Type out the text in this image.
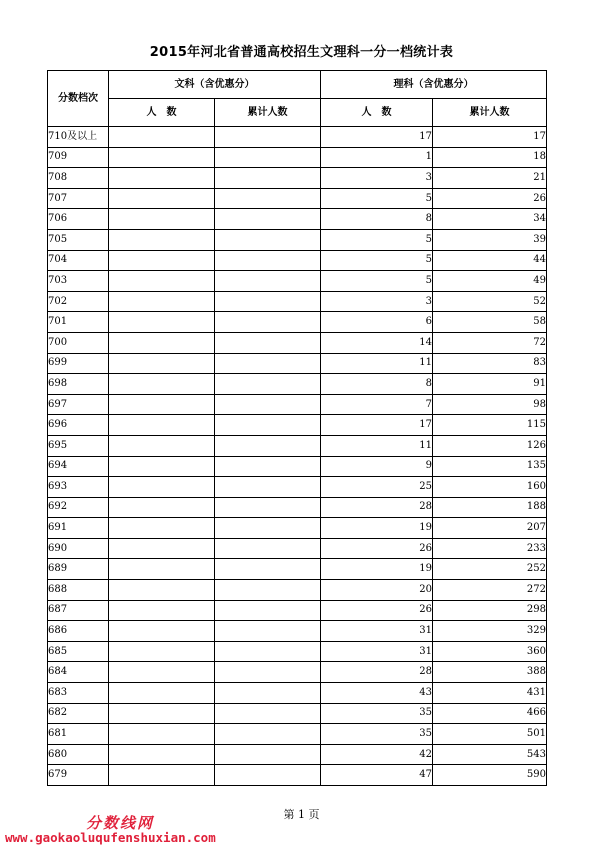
2015年河北省普通高校招生文理科一分一档统计表
分数档次	文科（含优惠分）		理科（含优惠分）	
	人　数	累计人数	人　数	累计人数
710及以上			17	17
709			1	18
708			3	21
707			5	26
706			8	34
705			5	39
704			5	44
703			5	49
702			3	52
701			6	58
700			14	72
699			11	83
698			8	91
697			7	98
696			17	115
695			11	126
694			9	135
693			25	160
692			28	188
691			19	207
690			26	233
689			19	252
688			20	272
687			26	298
686			31	329
685			31	360
684			28	388
683			43	431
682			35	466
681			35	501
680			42	543
679			47	590
第 1 页
分数线网
www.gaokaoluqufenshuxian.com
